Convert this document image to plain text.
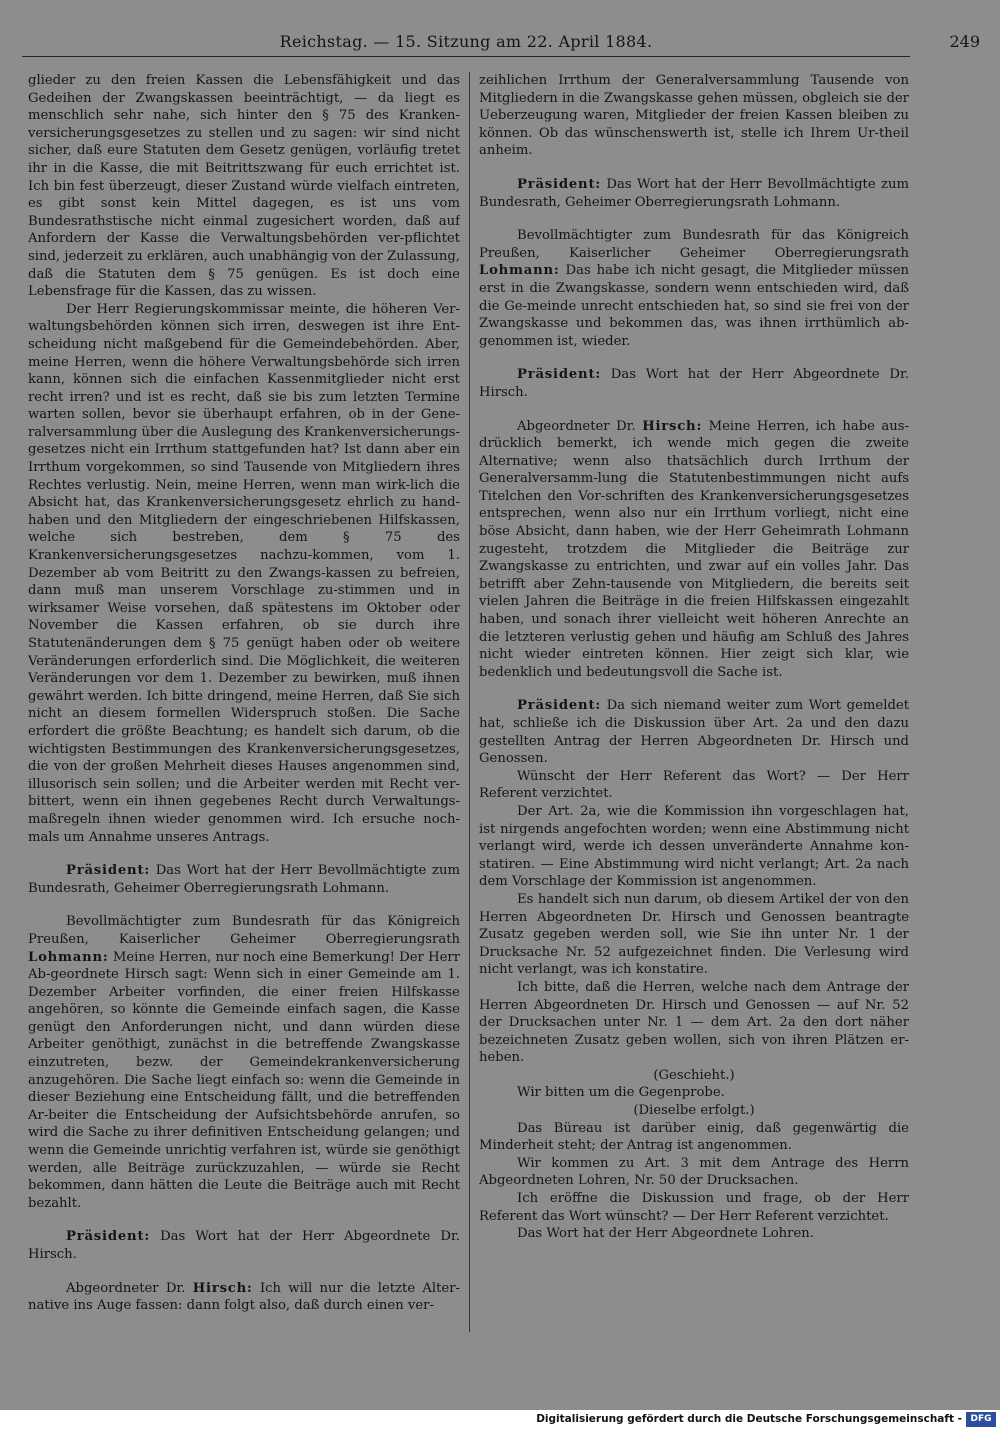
Reichstag. — 15. Sitzung am 22. April 1884.	249

glieder zu den freien Kassen die Lebensfähigkeit und das Gedeihen der Zwangskassen beeinträchtigt, — da liegt es menschlich sehr nahe, sich hinter den § 75 des Kranken-versicherungsgesetzes zu stellen und zu sagen: wir sind nicht sicher, daß eure Statuten dem Gesetz genügen, vorläufig tretet ihr in die Kasse, die mit Beitrittszwang für euch errichtet ist. Ich bin fest überzeugt, dieser Zustand würde vielfach eintreten, es gibt sonst kein Mittel dagegen, es ist uns vom Bundesrathstische nicht einmal zugesichert worden, daß auf Anfordern der Kasse die Verwaltungsbehörden ver-pflichtet sind, jederzeit zu erklären, auch unabhängig von der Zulassung, daß die Statuten dem § 75 genügen. Es ist doch eine Lebensfrage für die Kassen, das zu wissen.

Der Herr Regierungskommissar meinte, die höheren Ver-waltungsbehörden können sich irren, deswegen ist ihre Ent-scheidung nicht maßgebend für die Gemeindebehörden. Aber, meine Herren, wenn die höhere Verwaltungsbehörde sich irren kann, können sich die einfachen Kassenmitglieder nicht erst recht irren? und ist es recht, daß sie bis zum letzten Termine warten sollen, bevor sie überhaupt erfahren, ob in der Gene-ralversammlung über die Auslegung des Krankenversicherungs-gesetzes nicht ein Irrthum stattgefunden hat? Ist dann aber ein Irrthum vorgekommen, so sind Tausende von Mitgliedern ihres Rechtes verlustig. Nein, meine Herren, wenn man wirk-lich die Absicht hat, das Krankenversicherungsgesetz ehrlich zu hand-haben und den Mitgliedern der eingeschriebenen Hilfskassen, welche sich bestreben, dem § 75 des Krankenversicherungsgesetzes nachzu-kommen, vom 1. Dezember ab vom Beitritt zu den Zwangs-kassen zu befreien, dann muß man unserem Vorschlage zu-stimmen und in wirksamer Weise vorsehen, daß spätestens im Oktober oder November die Kassen erfahren, ob sie durch ihre Statutenänderungen dem § 75 genügt haben oder ob weitere Veränderungen erforderlich sind. Die Möglichkeit, die weiteren Veränderungen vor dem 1. Dezember zu bewirken, muß ihnen gewährt werden. Ich bitte dringend, meine Herren, daß Sie sich nicht an diesem formellen Widerspruch stoßen. Die Sache erfordert die größte Beachtung; es handelt sich darum, ob die wichtigsten Bestimmungen des Krankenversicherungsgesetzes, die von der großen Mehrheit dieses Hauses angenommen sind, illusorisch sein sollen; und die Arbeiter werden mit Recht ver-bittert, wenn ein ihnen gegebenes Recht durch Verwaltungs-maßregeln ihnen wieder genommen wird. Ich ersuche noch-mals um Annahme unseres Antrags.

Präsident: Das Wort hat der Herr Bevollmächtigte zum Bundesrath, Geheimer Oberregierungsrath Lohmann.

Bevollmächtigter zum Bundesrath für das Königreich Preußen, Kaiserlicher Geheimer Oberregierungsrath Lohmann: Meine Herren, nur noch eine Bemerkung! Der Herr Ab-geordnete Hirsch sagt: Wenn sich in einer Gemeinde am 1. Dezember Arbeiter vorfinden, die einer freien Hilfskasse angehören, so könnte die Gemeinde einfach sagen, die Kasse genügt den Anforderungen nicht, und dann würden diese Arbeiter genöthigt, zunächst in die betreffende Zwangskasse einzutreten, bezw. der Gemeindekrankenversicherung anzugehören. Die Sache liegt einfach so: wenn die Gemeinde in dieser Beziehung eine Entscheidung fällt, und die betreffenden Ar-beiter die Entscheidung der Aufsichtsbehörde anrufen, so wird die Sache zu ihrer definitiven Entscheidung gelangen; und wenn die Gemeinde unrichtig verfahren ist, würde sie genöthigt werden, alle Beiträge zurückzuzahlen, — würde sie Recht bekommen, dann hätten die Leute die Beiträge auch mit Recht bezahlt.

Präsident: Das Wort hat der Herr Abgeordnete Dr. Hirsch.

Abgeordneter Dr. Hirsch: Ich will nur die letzte Alter-native ins Auge fassen: dann folgt also, daß durch einen ver-

zeihlichen Irrthum der Generalversammlung Tausende von Mitgliedern in die Zwangskasse gehen müssen, obgleich sie der Ueberzeugung waren, Mitglieder der freien Kassen bleiben zu können. Ob das wünschenswerth ist, stelle ich Ihrem Ur-theil anheim.

Präsident: Das Wort hat der Herr Bevollmächtigte zum Bundesrath, Geheimer Oberregierungsrath Lohmann.

Bevollmächtigter zum Bundesrath für das Königreich Preußen, Kaiserlicher Geheimer Oberregierungsrath Lohmann: Das habe ich nicht gesagt, die Mitglieder müssen erst in die Zwangskasse, sondern wenn entschieden wird, daß die Ge-meinde unrecht entschieden hat, so sind sie frei von der Zwangskasse und bekommen das, was ihnen irrthümlich ab-genommen ist, wieder.

Präsident: Das Wort hat der Herr Abgeordnete Dr. Hirsch.

Abgeordneter Dr. Hirsch: Meine Herren, ich habe aus-drücklich bemerkt, ich wende mich gegen die zweite Alternative; wenn also thatsächlich durch Irrthum der Generalversamm-lung die Statutenbestimmungen nicht aufs Titelchen den Vor-schriften des Krankenversicherungsgesetzes entsprechen, wenn also nur ein Irrthum vorliegt, nicht eine böse Absicht, dann haben, wie der Herr Geheimrath Lohmann zugesteht, trotzdem die Mitglieder die Beiträge zur Zwangskasse zu entrichten, und zwar auf ein volles Jahr. Das betrifft aber Zehn-tausende von Mitgliedern, die bereits seit vielen Jahren die Beiträge in die freien Hilfskassen eingezahlt haben, und sonach ihrer vielleicht weit höheren Anrechte an die letzteren verlustig gehen und häufig am Schluß des Jahres nicht wieder eintreten können. Hier zeigt sich klar, wie bedenklich und bedeutungsvoll die Sache ist.

Präsident: Da sich niemand weiter zum Wort gemeldet hat, schließe ich die Diskussion über Art. 2a und den dazu gestellten Antrag der Herren Abgeordneten Dr. Hirsch und Genossen.

Wünscht der Herr Referent das Wort? — Der Herr Referent verzichtet.

Der Art. 2a, wie die Kommission ihn vorgeschlagen hat, ist nirgends angefochten worden; wenn eine Abstimmung nicht verlangt wird, werde ich dessen unveränderte Annahme kon-statiren. — Eine Abstimmung wird nicht verlangt; Art. 2a nach dem Vorschlage der Kommission ist angenommen.

Es handelt sich nun darum, ob diesem Artikel der von den Herren Abgeordneten Dr. Hirsch und Genossen beantragte Zusatz gegeben werden soll, wie Sie ihn unter Nr. 1 der Drucksache Nr. 52 aufgezeichnet finden. Die Verlesung wird nicht verlangt, was ich konstatire.

Ich bitte, daß die Herren, welche nach dem Antrage der Herren Abgeordneten Dr. Hirsch und Genossen — auf Nr. 52 der Drucksachen unter Nr. 1 — dem Art. 2a den dort näher bezeichneten Zusatz geben wollen, sich von ihren Plätzen er-heben.

(Geschieht.)

Wir bitten um die Gegenprobe.

(Dieselbe erfolgt.)

Das Büreau ist darüber einig, daß gegenwärtig die Minderheit steht; der Antrag ist angenommen.

Wir kommen zu Art. 3 mit dem Antrage des Herrn Abgeordneten Lohren, Nr. 50 der Drucksachen.

Ich eröffne die Diskussion und frage, ob der Herr Referent das Wort wünscht? — Der Herr Referent verzichtet.

Das Wort hat der Herr Abgeordnete Lohren.

Digitalisierung gefördert durch die Deutsche Forschungsgemeinschaft - DFG
